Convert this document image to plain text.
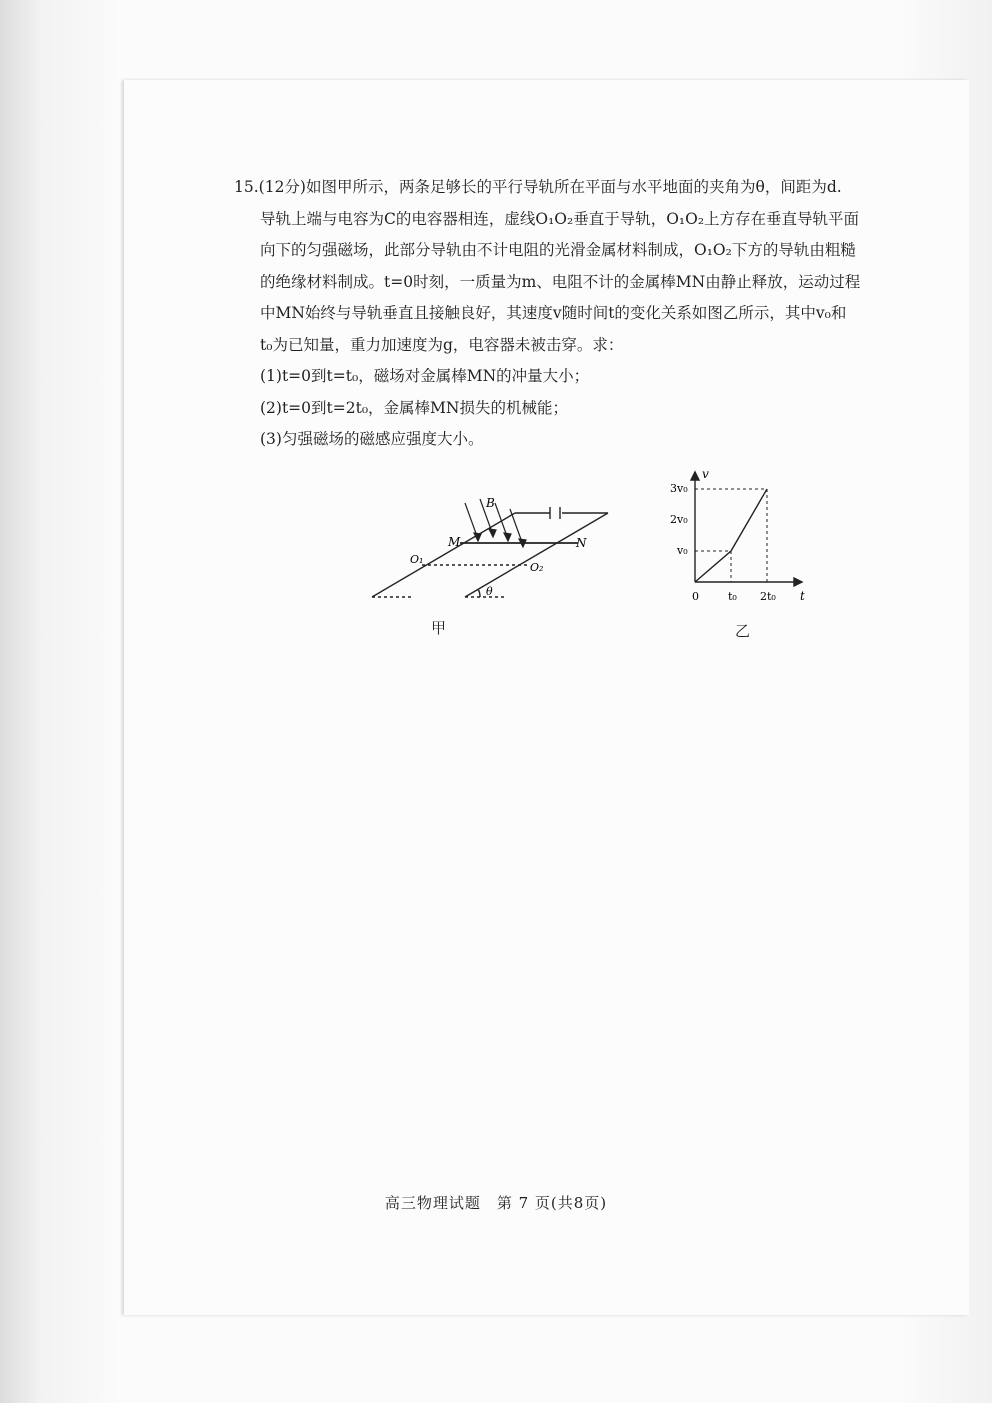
15.(12分)如图甲所示，两条足够长的平行导轨所在平面与水平地面的夹角为θ，间距为d.

导轨上端与电容为C的电容器相连，虚线O₁O₂垂直于导轨，O₁O₂上方存在垂直导轨平面

向下的匀强磁场，此部分导轨由不计电阻的光滑金属材料制成，O₁O₂下方的导轨由粗糙

的绝缘材料制成。t=0时刻，一质量为m、电阻不计的金属棒MN由静止释放，运动过程

中MN始终与导轨垂直且接触良好，其速度v随时间t的变化关系如图乙所示，其中v₀和

t₀为已知量，重力加速度为g，电容器未被击穿。求：

(1)t=0到t=t₀，磁场对金属棒MN的冲量大小；

(2)t=0到t=2t₀，金属棒MN损失的机械能；

(3)匀强磁场的磁感应强度大小。

B
M	N
O₁
O₂
θ
甲
v
t
0
3v₀
2v₀
v₀
t₀ 2t₀
乙
高三物理试题　第 7 页(共8页)
